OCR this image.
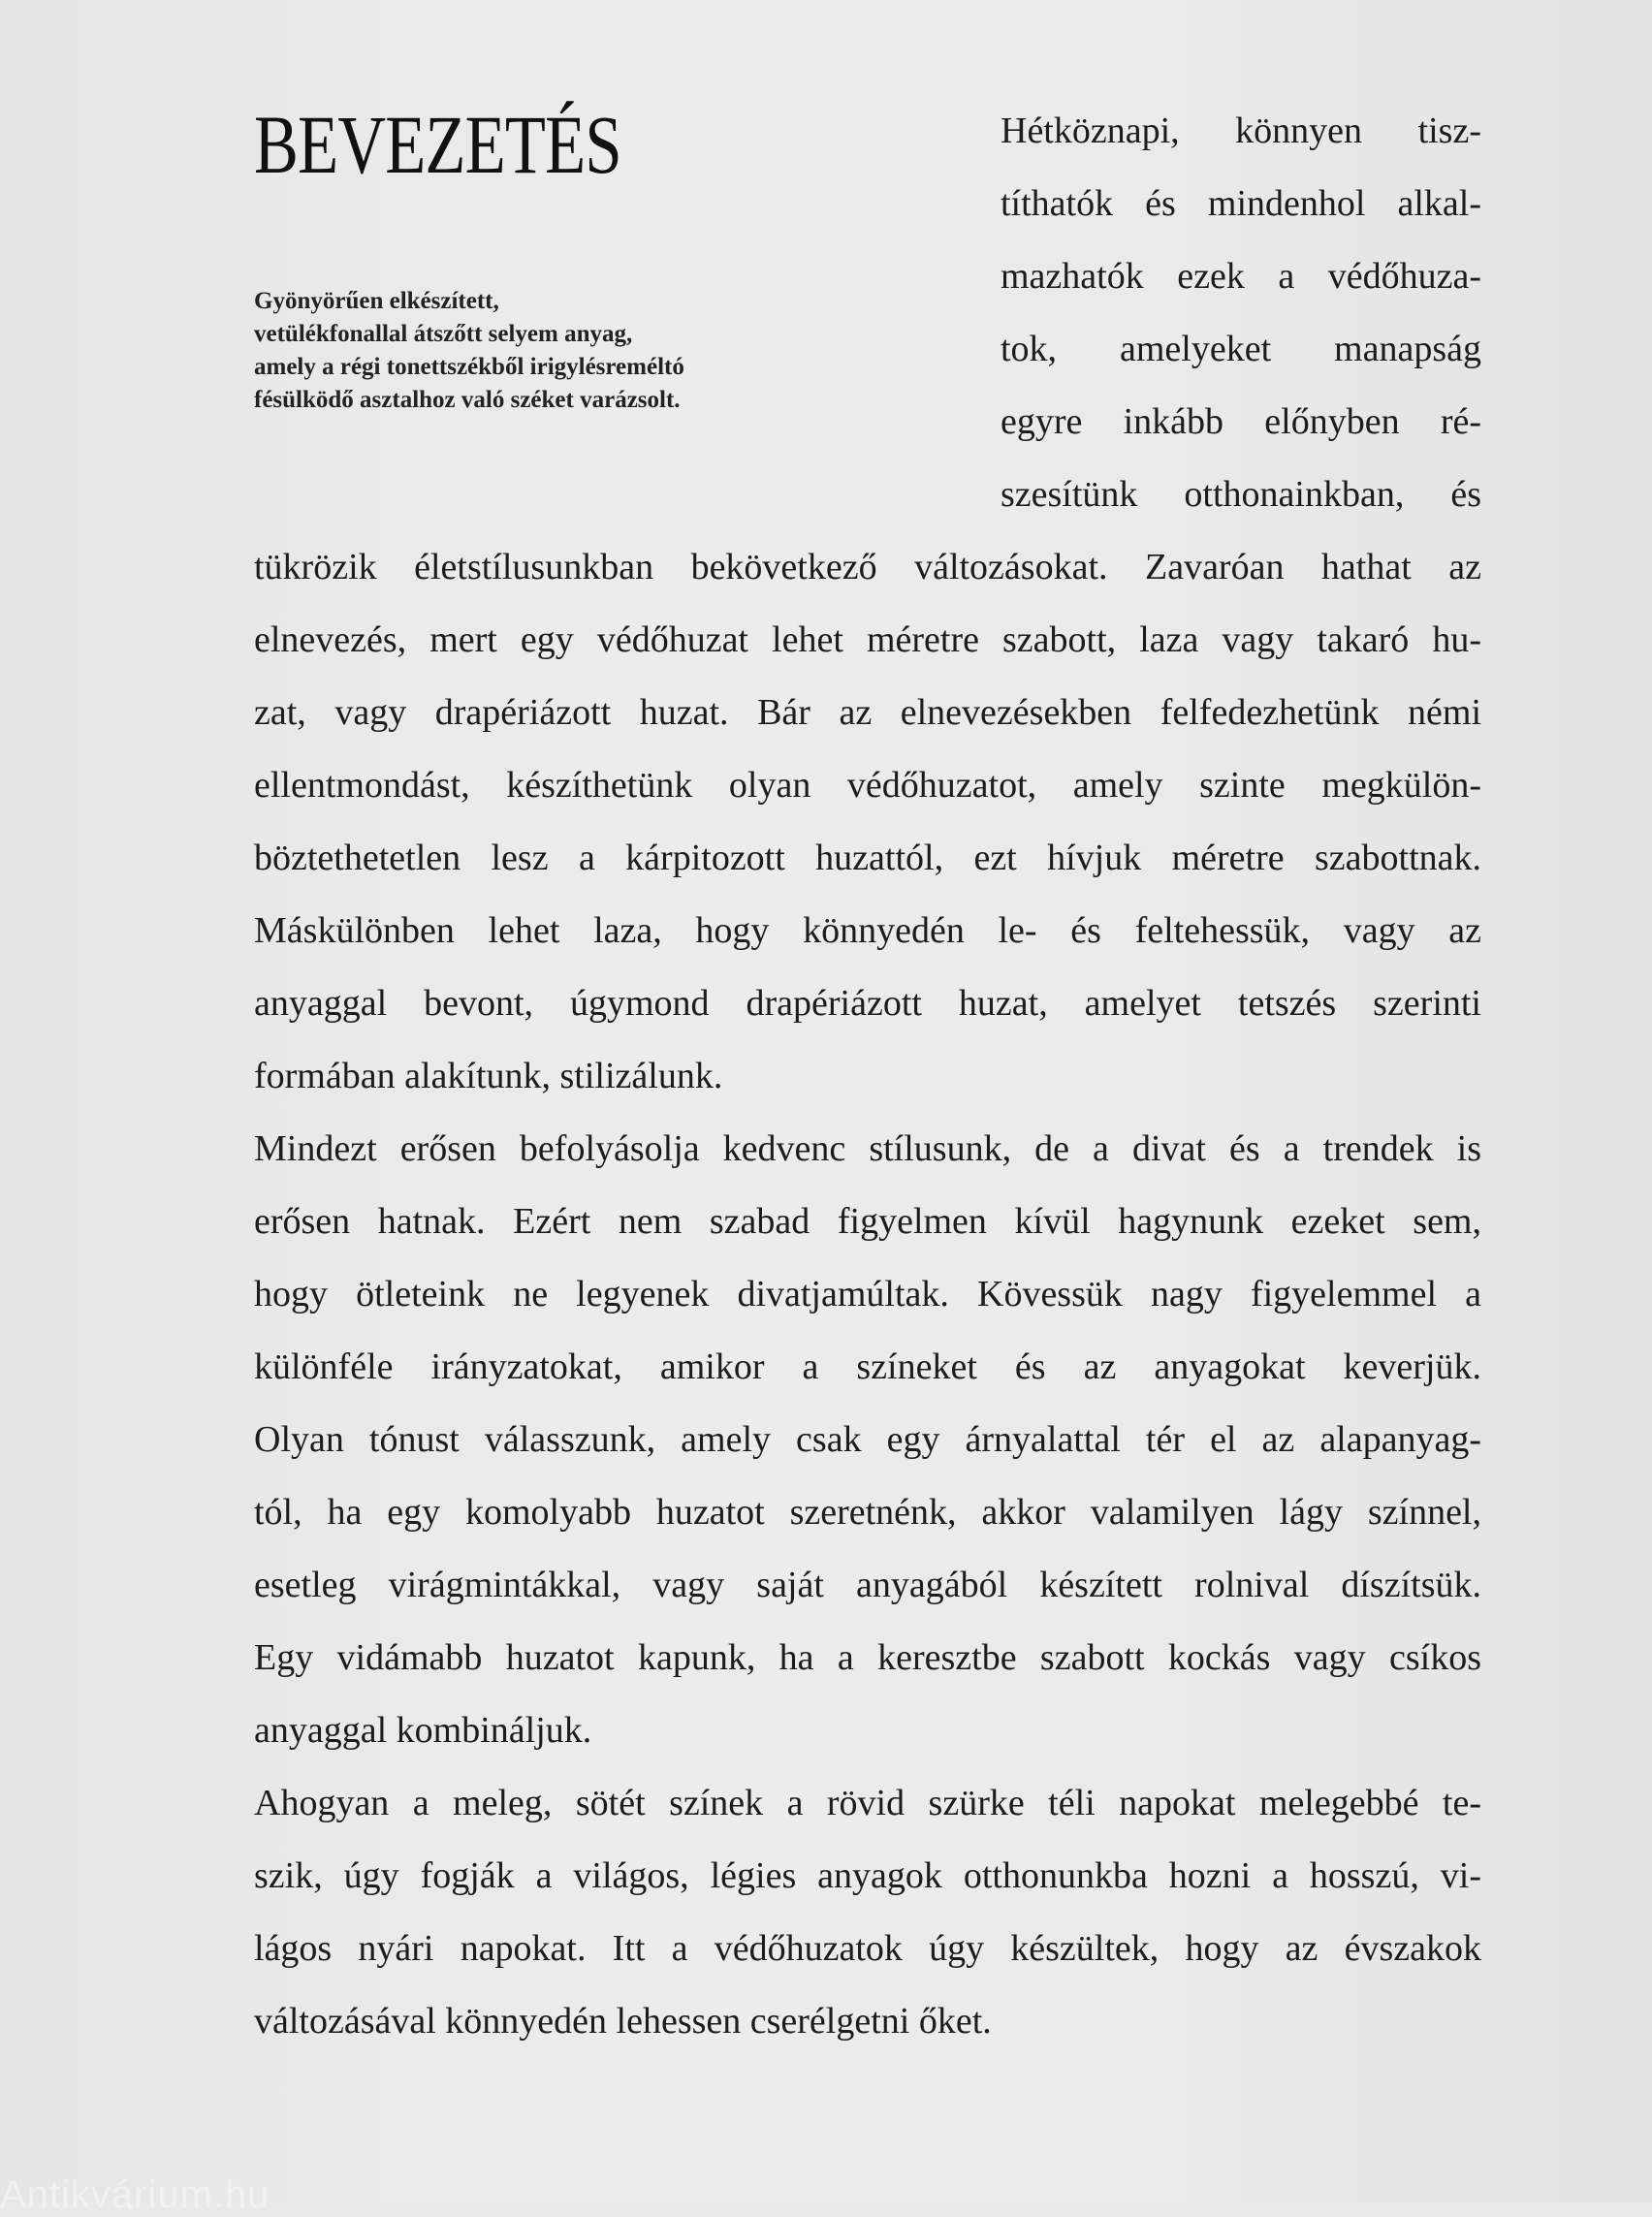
BEVEZETÉS
Gyönyörűen elkészített,
vetülékfonallal átszőtt selyem anyag,
amely a régi tonettszékből irigylésreméltó
fésülködő asztalhoz való széket varázsolt.
Hétköznapi, könnyen tisz-
títhatók és mindenhol alkal-
mazhatók ezek a védőhuza-
tok, amelyeket manapság
egyre inkább előnyben ré-
szesítünk otthonainkban, és
tükrözik életstílusunkban bekövetkező változásokat. Zavaróan hathat az
elnevezés, mert egy védőhuzat lehet méretre szabott, laza vagy takaró hu-
zat, vagy drapériázott huzat. Bár az elnevezésekben felfedezhetünk némi
ellentmondást, készíthetünk olyan védőhuzatot, amely szinte megkülön-
böztethetetlen lesz a kárpitozott huzattól, ezt hívjuk méretre szabottnak.
Máskülönben lehet laza, hogy könnyedén le- és feltehessük, vagy az
anyaggal bevont, úgymond drapériázott huzat, amelyet tetszés szerinti
formában alakítunk, stilizálunk.
Mindezt erősen befolyásolja kedvenc stílusunk, de a divat és a trendek is
erősen hatnak. Ezért nem szabad figyelmen kívül hagynunk ezeket sem,
hogy ötleteink ne legyenek divatjamúltak. Kövessük nagy figyelemmel a
különféle irányzatokat, amikor a színeket és az anyagokat keverjük.
Olyan tónust válasszunk, amely csak egy árnyalattal tér el az alapanyag-
tól, ha egy komolyabb huzatot szeretnénk, akkor valamilyen lágy színnel,
esetleg virágmintákkal, vagy saját anyagából készített rolnival díszítsük.
Egy vidámabb huzatot kapunk, ha a keresztbe szabott kockás vagy csíkos
anyaggal kombináljuk.
Ahogyan a meleg, sötét színek a rövid szürke téli napokat melegebbé te-
szik, úgy fogják a világos, légies anyagok otthonunkba hozni a hosszú, vi-
lágos nyári napokat. Itt a védőhuzatok úgy készültek, hogy az évszakok
változásával könnyedén lehessen cserélgetni őket.
Antikvárium.hu
